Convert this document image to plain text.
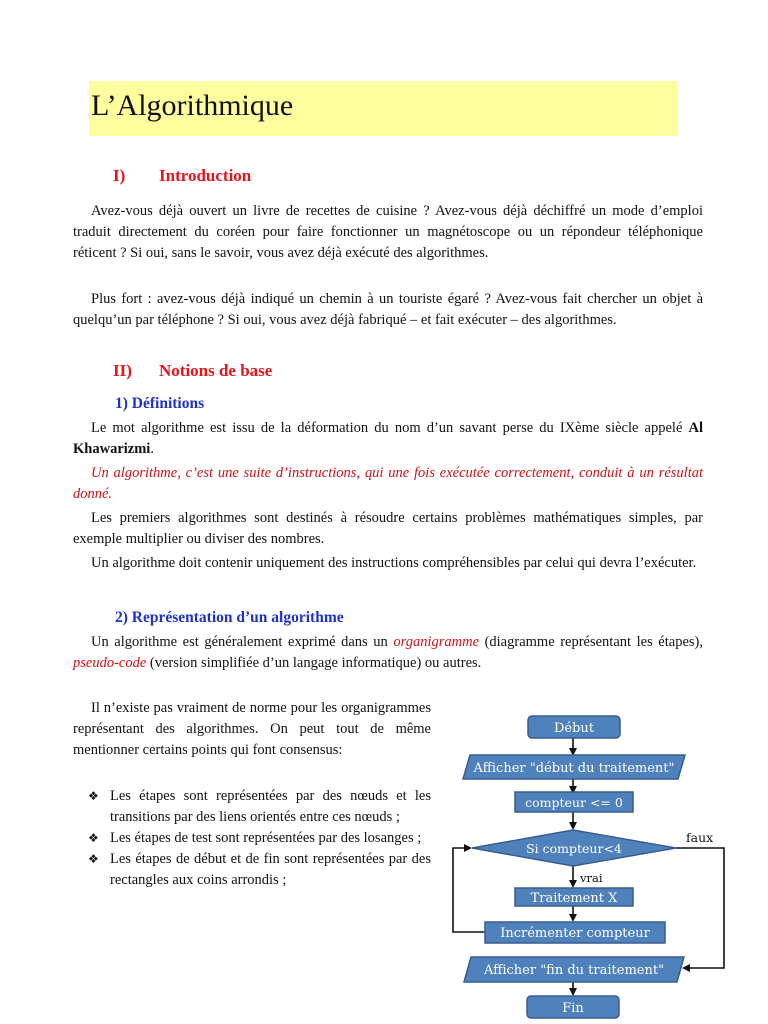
L’Algorithmique
I) Introduction

Avez-vous déjà ouvert un livre de recettes de cuisine ? Avez-vous déjà déchiffré un mode d’emploi traduit directement du coréen pour faire fonctionner un magnétoscope ou un répondeur téléphonique réticent ? Si oui, sans le savoir, vous avez déjà exécuté des algorithmes.

Plus fort : avez-vous déjà indiqué un chemin à un touriste égaré ? Avez-vous fait chercher un objet à quelqu’un par téléphone ? Si oui, vous avez déjà fabriqué – et fait exécuter – des algorithmes.

II) Notions de base
1) Définitions

Le mot algorithme est issu de la déformation du nom d’un savant perse du IXème siècle appelé Al Khawarizmi.

Un algorithme, c’est une suite d’instructions, qui une fois exécutée correctement, conduit à un résultat donné.

Les premiers algorithmes sont destinés à résoudre certains problèmes mathématiques simples, par exemple multiplier ou diviser des nombres.

Un algorithme doit contenir uniquement des instructions compréhensibles par celui qui devra l’exécuter.

2) Représentation d’un algorithme

Un algorithme est généralement exprimé dans un organigramme (diagramme représentant les étapes), pseudo-code (version simplifiée d’un langage informatique) ou autres.

Il n’existe pas vraiment de norme pour les organigrammes représentant des algorithmes. On peut tout de même mentionner certains points qui font consensus:

❖ Les étapes sont représentées par des nœuds et les transitions par des liens orientés entre ces nœuds ;
❖ Les étapes de test sont représentées par des losanges ;
❖ Les étapes de début et de fin sont représentées par des rectangles aux coins arrondis ;
Début
Afficher "début du traitement"
compteur <= 0
Si compteur<4
faux
vrai
Traitement X
Incrémenter compteur
Afficher "fin du traitement"
Fin
